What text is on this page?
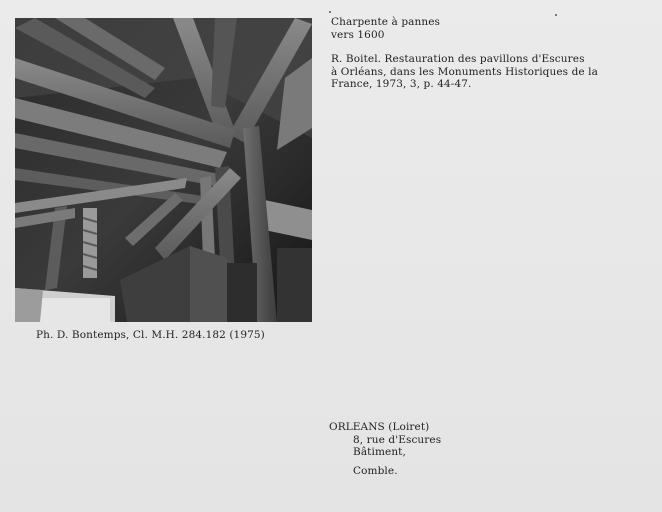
Charpente à pannes
vers 1600
R. Boitel. Restauration des pavillons d'Escures
à Orléans, dans les Monuments Historiques de la
France, 1973, 3, p. 44-47.
Ph. D. Bontemps, Cl. M.H. 284.182 (1975)
ORLEANS (Loiret)
8, rue d'Escures
Bâtiment,
Comble.
